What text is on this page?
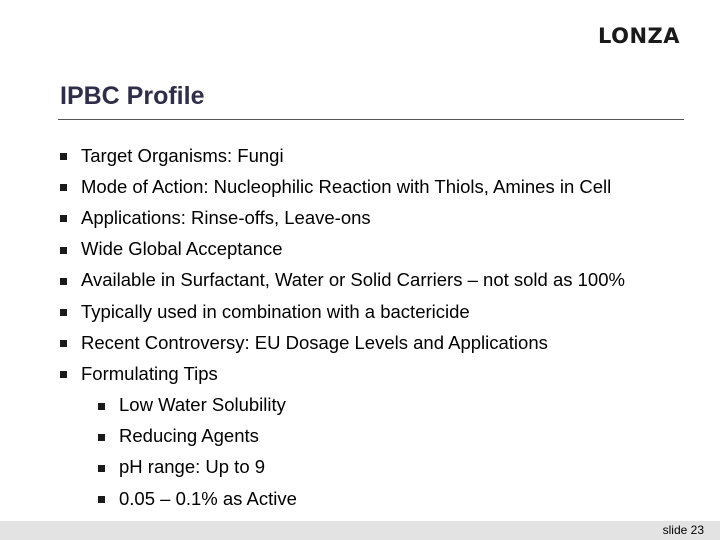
LONZA
IPBC Profile
Target Organisms: Fungi
Mode of Action: Nucleophilic Reaction with Thiols, Amines in Cell
Applications: Rinse-offs, Leave-ons
Wide Global Acceptance
Available in Surfactant, Water or Solid Carriers – not sold as 100%
Typically used in combination with a bactericide
Recent Controversy: EU Dosage Levels and Applications
Formulating Tips
Low Water Solubility
Reducing Agents
pH range: Up to 9
0.05 – 0.1% as Active
slide 23
